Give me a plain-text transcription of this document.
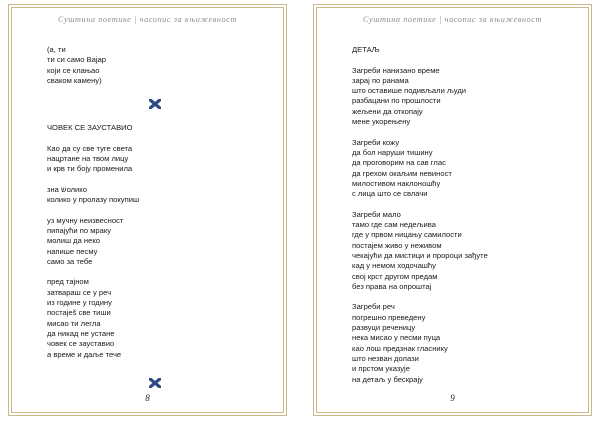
Суштина поетике | часопис за књижевност
(а, ти
ти си само Вајар
који се клањао
сваком камену)
ЧОВЕК СЕ ЗАУСТАВИО
Као да су све туге света
нацртане на твом лицу
и крв ти боју променила
зна שолико
колико у пролазу покупиш
уз мучну неизвесност
пипајући по мраку
молиш да неко
напише песму
само за тебе
пред тајном
затвараш се у реч
из године у годину
постаješ све тиши
мисао ти легла
да никад не устане
човек се зауставио
а време и даље тече
8
Суштина поетике | часопис за књижевност
ДЕТАЉ
Загреби нанизано време
зарај по ранама
што оставише подивљали људи
разбацани по прошлости
жељени да откопају
мене укорењену
Загреби кожу
да бол наруши тишину
да проговорим на сав глас
да грехом окаљим невиност
милостивом наклоношћу
с лица што се свлачи
Загреби мало
тамо где сам недељива
где у првом ницању самилости
постајем живо у неживом
чекајући да мистици и пророци зађуте
кад у немом ходочашћу
свој крст другом предам
без права на опроштај
Загреби реч
погрешно преведену
развуци реченицу
нека мисао у песми пуца
као лош предзнак гласнику
што незван долази
и прстом указује
на детаљ у бескрају
9
